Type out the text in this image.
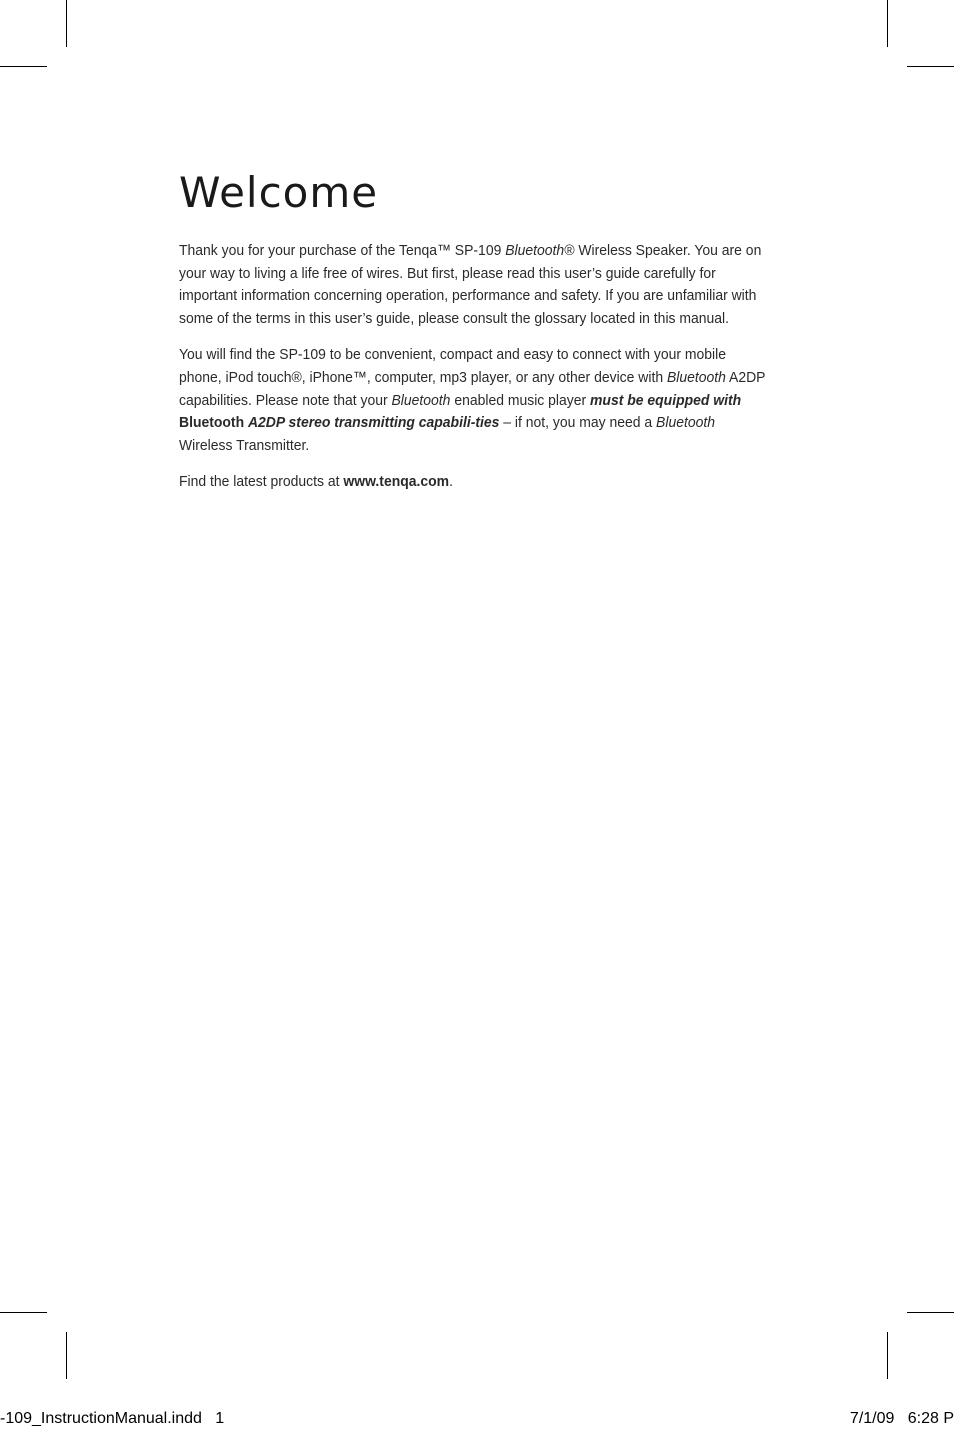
Welcome

Thank you for your purchase of the Tenqa™ SP-109 Bluetooth® Wireless Speaker. You are on your way to living a life free of wires. But first, please read this user’s guide carefully for important information concerning operation, performance and safety. If you are unfamiliar with some of the terms in this user’s guide, please consult the glossary located in this manual.

You will find the SP-109 to be convenient, compact and easy to connect with your mobile phone, iPod touch®, iPhone™, computer, mp3 player, or any other device with Bluetooth A2DP capabilities. Please note that your Bluetooth enabled music player must be equipped with Bluetooth A2DP stereo transmitting capabili-ties – if not, you may need a Bluetooth Wireless Transmitter.

Find the latest products at www.tenqa.com.

-109_InstructionManual.indd   1	7/1/09   6:28 P
